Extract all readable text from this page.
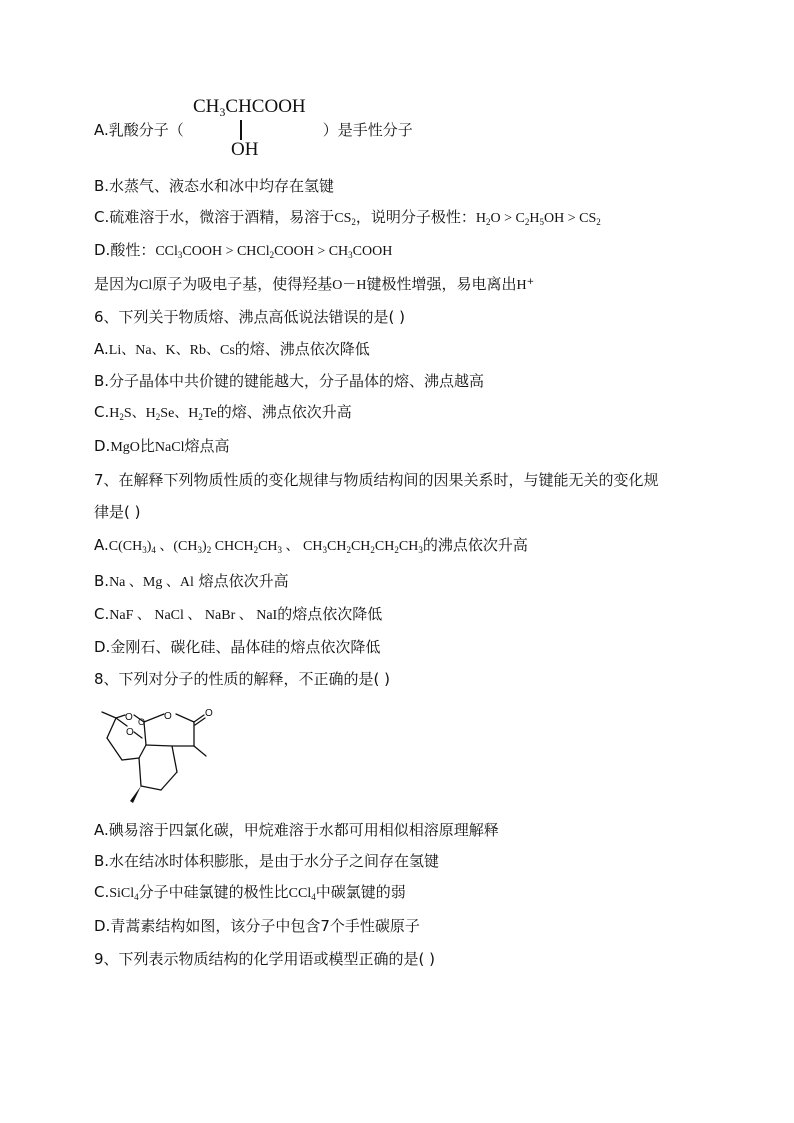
$CH_3CHCOOH$
OH
A.乳酸分子（	）是手性分子
B.水蒸气、液态水和冰中均存在氢键
C.硫难溶于水，微溶于酒精，易溶于$CS_2$，说明分子极性：$H_2O > C_2H_5OH > CS_2$
D.酸性：CCl$_3$COOH > CHCl$_2$COOH > $CH_3COOH$
是因为Cl原子为吸电子基，使得羟基O－H键极性增强，易电离出H+
6、下列关于物质熔、沸点高低说法错误的是( )
A.Li、Na、K、Rb、Cs的熔、沸点依次降低
B.分子晶体中共价键的键能越大，分子晶体的熔、沸点越高
$C.H_2S$、$H_2Se$、$H_2Te$的熔、沸点依次升高
D.MgO比NaCl熔点高
7、在解释下列物质性质的变化规律与物质结构间的因果关系时，与键能无关的变化规
律是( )
$A.C(CH_3)_4$ 、$(CH_3)_2$ $CHCH_2CH_3$ 、 $CH_3CH_2CH_2CH_2CH_3$的沸点依次升高
B.Na 、Mg 、Al 熔点依次升高
C.NaF 、 NaCl 、 NaBr 、 NaI的熔点依次降低
D.金刚石、碳化硅、晶体硅的熔点依次降低
8、下列对分子的性质的解释，不正确的是( )
O
O
O	O
O
A.碘易溶于四氯化碳，甲烷难溶于水都可用相似相溶原理解释
B.水在结冰时体积膨胀，是由于水分子之间存在氢键
C.SiCl$_4$分子中硅氯键的极性比CCl$_4$中碳氯键的弱
D.青蒿素结构如图，该分子中包含7个手性碳原子
9、下列表示物质结构的化学用语或模型正确的是( )
